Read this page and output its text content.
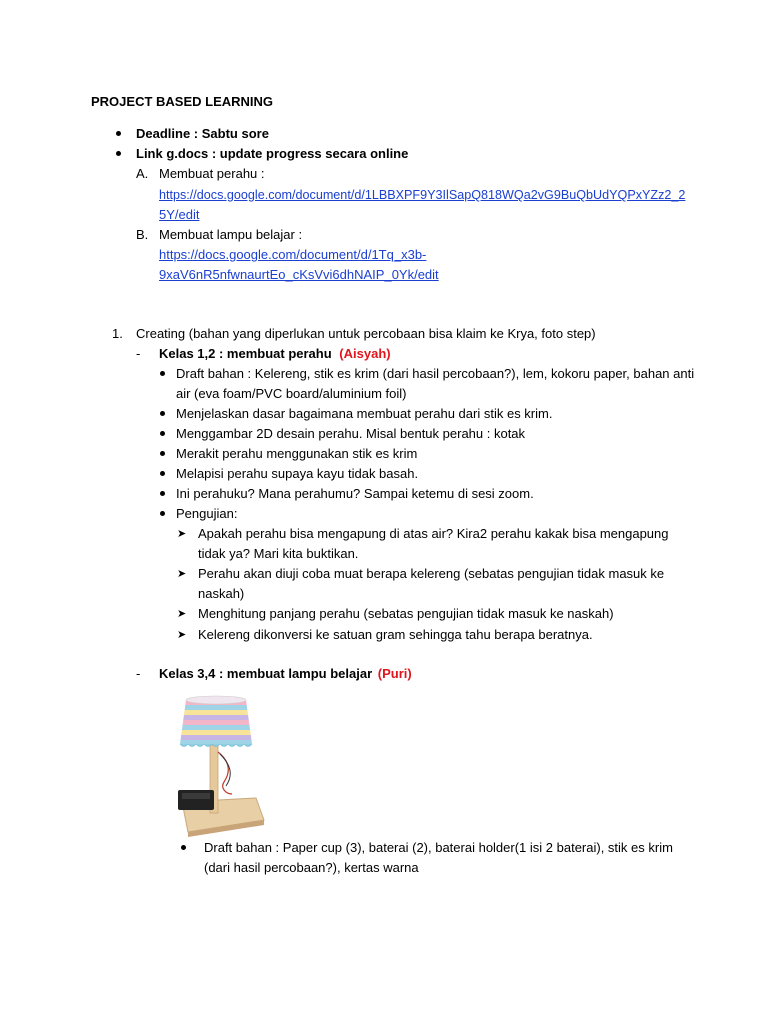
PROJECT BASED LEARNING
Deadline : Sabtu sore
Link g.docs : update progress secara online
A. Membuat perahu :
https://docs.google.com/document/d/1LBBXPF9Y3IlSapQ818WQa2vG9BuQbUdYQPxYZz2_2
5Y/edit
B. Membuat lampu belajar :
https://docs.google.com/document/d/1Tq_x3b-
9xaV6nR5nfwnaurtEo_cKsVvi6dhNAIP_0Yk/edit
1. Creating (bahan yang diperlukan untuk percobaan bisa klaim ke Krya, foto step)
- Kelas 1,2 : membuat perahu (Aisyah)
Draft bahan : Kelereng, stik es krim (dari hasil percobaan?), lem, kokoru paper, bahan anti
air (eva foam/PVC board/aluminium foil)
Menjelaskan dasar bagaimana membuat perahu dari stik es krim.
Menggambar 2D desain perahu. Misal bentuk perahu : kotak
Merakit perahu menggunakan stik es krim
Melapisi perahu supaya kayu tidak basah.
Ini perahuku? Mana perahumu? Sampai ketemu di sesi zoom.
Pengujian:
➤ Apakah perahu bisa mengapung di atas air? Kira2 perahu kakak bisa mengapung
tidak ya? Mari kita buktikan.
➤ Perahu akan diuji coba muat berapa kelereng (sebatas pengujian tidak masuk ke
naskah)
➤ Menghitung panjang perahu (sebatas pengujian tidak masuk ke naskah)
➤ Kelereng dikonversi ke satuan gram sehingga tahu berapa beratnya.
- Kelas 3,4 : membuat lampu belajar (Puri)
Draft bahan : Paper cup (3), baterai (2), baterai holder(1 isi 2 baterai), stik es krim
(dari hasil percobaan?), kertas warna
